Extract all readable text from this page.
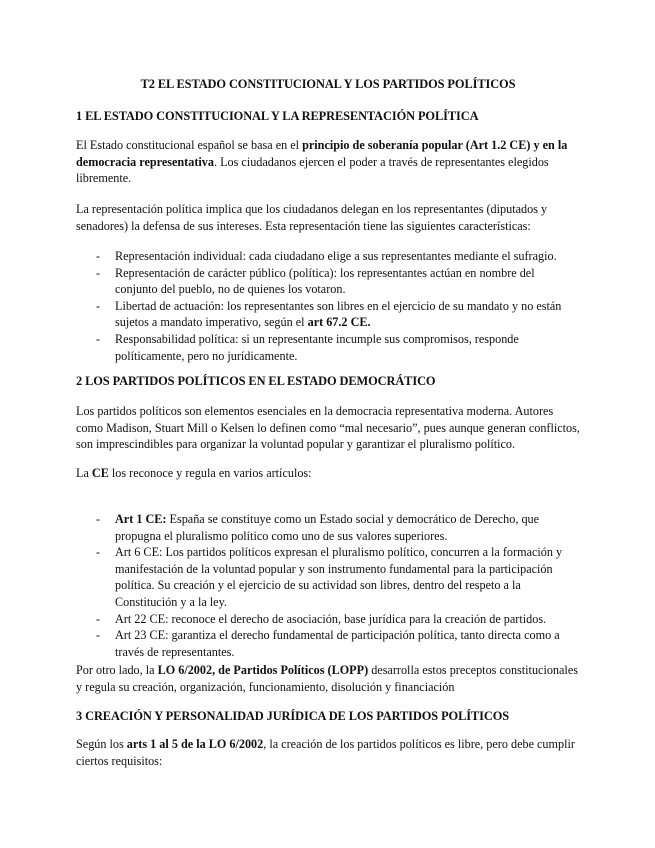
T2 EL ESTADO CONSTITUCIONAL Y LOS PARTIDOS POLÍTICOS
1 EL ESTADO CONSTITUCIONAL Y LA REPRESENTACIÓN POLÍTICA
El Estado constitucional español se basa en el principio de soberanía popular (Art 1.2 CE) y en la democracia representativa. Los ciudadanos ejercen el poder a través de representantes elegidos libremente.
La representación política implica que los ciudadanos delegan en los representantes (diputados y senadores) la defensa de sus intereses. Esta representación tiene las siguientes características:
- Representación individual: cada ciudadano elige a sus representantes mediante el sufragio.
- Representación de carácter público (política): los representantes actúan en nombre del conjunto del pueblo, no de quienes los votaron.
- Libertad de actuación: los representantes son libres en el ejercicio de su mandato y no están sujetos a mandato imperativo, según el art 67.2 CE.
- Responsabilidad política: si un representante incumple sus compromisos, responde políticamente, pero no jurídicamente.
2 LOS PARTIDOS POLÍTICOS EN EL ESTADO DEMOCRÁTICO
Los partidos políticos son elementos esenciales en la democracia representativa moderna. Autores como Madison, Stuart Mill o Kelsen lo definen como “mal necesario”, pues aunque generan conflictos, son imprescindibles para organizar la voluntad popular y garantizar el pluralismo político.
La CE los reconoce y regula en varios artículos:
- Art 1 CE: España se constituye como un Estado social y democrático de Derecho, que propugna el pluralismo político como uno de sus valores superiores.
- Art 6 CE: Los partidos políticos expresan el pluralismo político, concurren a la formación y manifestación de la voluntad popular y son instrumento fundamental para la participación política. Su creación y el ejercicio de su actividad son libres, dentro del respeto a la Constitución y a la ley.
- Art 22 CE: reconoce el derecho de asociación, base jurídica para la creación de partidos.
- Art 23 CE: garantiza el derecho fundamental de participación política, tanto directa como a través de representantes.
Por otro lado, la LO 6/2002, de Partidos Políticos (LOPP) desarrolla estos preceptos constitucionales y regula su creación, organización, funcionamiento, disolución y financiación
3 CREACIÓN Y PERSONALIDAD JURÍDICA DE LOS PARTIDOS POLÍTICOS
Según los arts 1 al 5 de la LO 6/2002, la creación de los partidos políticos es libre, pero debe cumplir ciertos requisitos:
